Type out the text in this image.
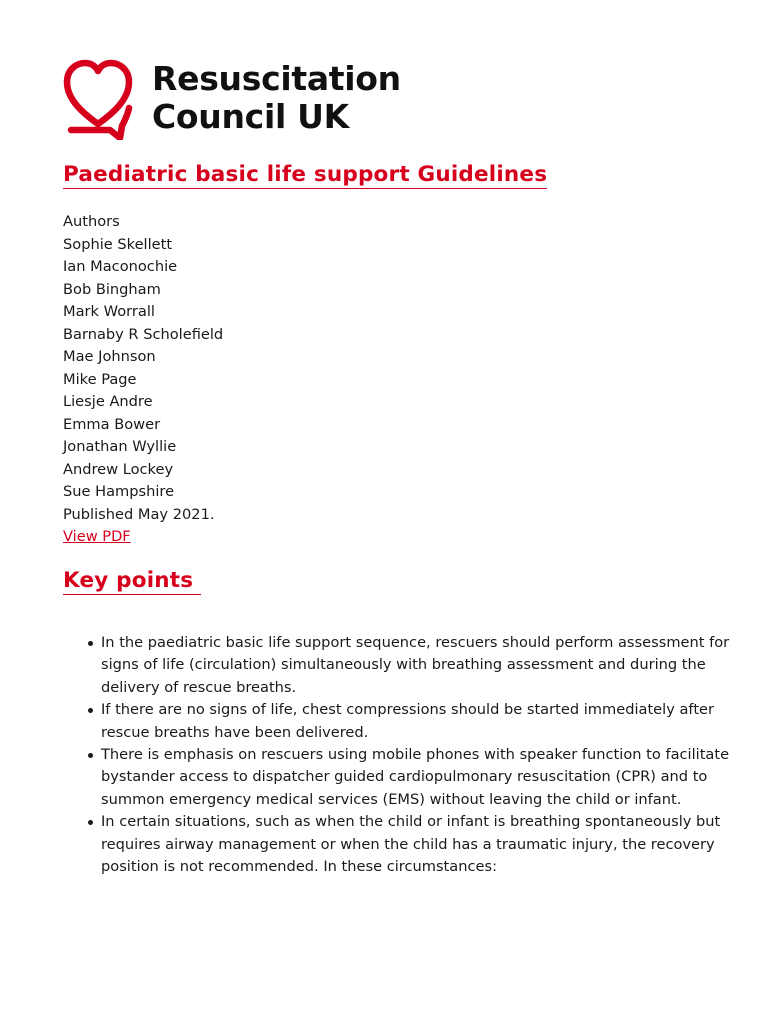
Resuscitation
Council UK
Paediatric basic life support Guidelines
Authors
Sophie Skellett
Ian Maconochie
Bob Bingham
Mark Worrall
Barnaby R Scholefield
Mae Johnson
Mike Page
Liesje Andre
Emma Bower
Jonathan Wyllie
Andrew Lockey
Sue Hampshire
Published May 2021.
View PDF
Key points
In the paediatric basic life support sequence, rescuers should perform assessment for signs of life (circulation) simultaneously with breathing assessment and during the delivery of rescue breaths.
If there are no signs of life, chest compressions should be started immediately after rescue breaths have been delivered.
There is emphasis on rescuers using mobile phones with speaker function to facilitate bystander access to dispatcher guided cardiopulmonary resuscitation (CPR) and to summon emergency medical services (EMS) without leaving the child or infant.
In certain situations, such as when the child or infant is breathing spontaneously but requires airway management or when the child has a traumatic injury, the recovery position is not recommended. In these circumstances:
